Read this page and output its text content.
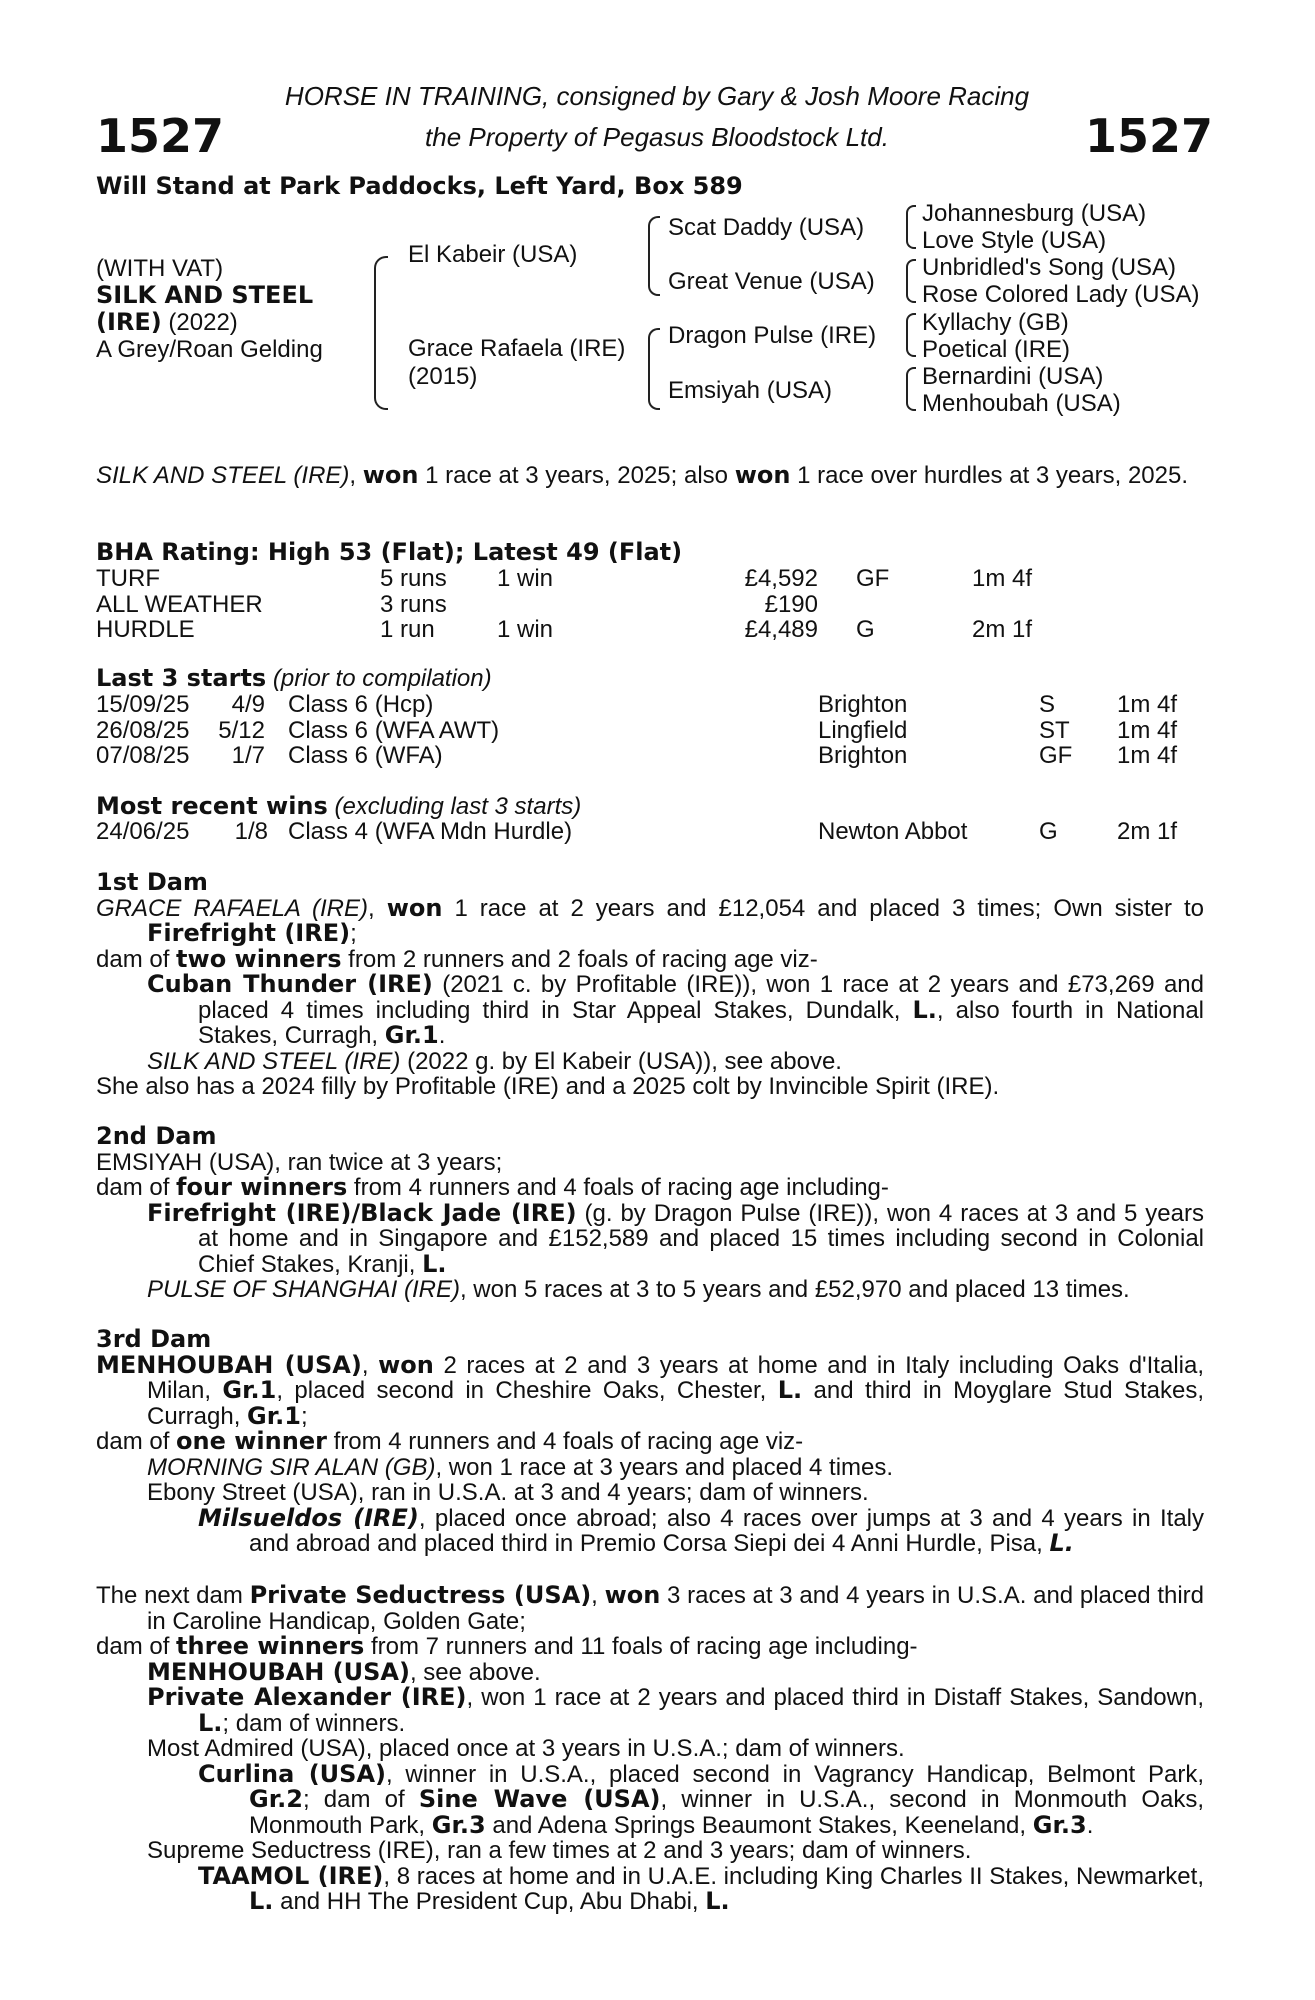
1527	1527
HORSE IN TRAINING, consigned by Gary & Josh Moore Racing
the Property of Pegasus Bloodstock Ltd.
Will Stand at Park Paddocks, Left Yard, Box 589
(WITH VAT)
SILK AND STEEL
(IRE) (2022)
A Grey/Roan Gelding
El Kabeir (USA)
Grace Rafaela (IRE)
(2015)
Scat Daddy (USA)
Great Venue (USA)
Dragon Pulse (IRE)
Emsiyah (USA)
Johannesburg (USA)
Love Style (USA)
Unbridled's Song (USA)
Rose Colored Lady (USA)
Kyllachy (GB)
Poetical (IRE)
Bernardini (USA)
Menhoubah (USA)

SILK AND STEEL (IRE), won 1 race at 3 years, 2025; also won 1 race over hurdles at 3 years, 2025.

BHA Rating: High 53 (Flat); Latest 49 (Flat)
TURF	5 runs 1 win	£4,592 GF	1m 4f
ALL WEATHER	3 runs	£190
HURDLE	1 run	1 win	£4,489 G	2m 1f
Last 3 starts (prior to compilation)
15/09/25	4/9 Class 6 (Hcp)	Brighton	S	1m 4f
26/08/25	5/12 Class 6 (WFA AWT)	Lingfield	ST 1m 4f
07/08/25	1/7 Class 6 (WFA)	Brighton	GF 1m 4f
Most recent wins (excluding last 3 starts)
24/06/25	1/8 Class 4 (WFA Mdn Hurdle)	Newton Abbot	G 2m 1f

1st Dam

GRACE RAFAELA (IRE), won 1 race at 2 years and £12,054 and placed 3 times; Own sister to Firefright (IRE);

dam of two winners from 2 runners and 2 foals of racing age viz-

Cuban Thunder (IRE) (2021 c. by Profitable (IRE)), won 1 race at 2 years and £73,269 and placed 4 times including third in Star Appeal Stakes, Dundalk, L., also fourth in National Stakes, Curragh, Gr.1.

SILK AND STEEL (IRE) (2022 g. by El Kabeir (USA)), see above.

She also has a 2024 filly by Profitable (IRE) and a 2025 colt by Invincible Spirit (IRE).

2nd Dam

EMSIYAH (USA), ran twice at 3 years;

dam of four winners from 4 runners and 4 foals of racing age including-

Firefright (IRE)/Black Jade (IRE) (g. by Dragon Pulse (IRE)), won 4 races at 3 and 5 years at home and in Singapore and £152,589 and placed 15 times including second in Colonial Chief Stakes, Kranji, L.

PULSE OF SHANGHAI (IRE), won 5 races at 3 to 5 years and £52,970 and placed 13 times.

3rd Dam

MENHOUBAH (USA), won 2 races at 2 and 3 years at home and in Italy including Oaks d'Italia, Milan, Gr.1, placed second in Cheshire Oaks, Chester, L. and third in Moyglare Stud Stakes, Curragh, Gr.1;

dam of one winner from 4 runners and 4 foals of racing age viz-

MORNING SIR ALAN (GB), won 1 race at 3 years and placed 4 times.

Ebony Street (USA), ran in U.S.A. at 3 and 4 years; dam of winners.

Milsueldos (IRE), placed once abroad; also 4 races over jumps at 3 and 4 years in Italy and abroad and placed third in Premio Corsa Siepi dei 4 Anni Hurdle, Pisa, L.

The next dam Private Seductress (USA), won 3 races at 3 and 4 years in U.S.A. and placed third in Caroline Handicap, Golden Gate;

dam of three winners from 7 runners and 11 foals of racing age including-

MENHOUBAH (USA), see above.

Private Alexander (IRE), won 1 race at 2 years and placed third in Distaff Stakes, Sandown, L.; dam of winners.

Most Admired (USA), placed once at 3 years in U.S.A.; dam of winners.

Curlina (USA), winner in U.S.A., placed second in Vagrancy Handicap, Belmont Park, Gr.2; dam of Sine Wave (USA), winner in U.S.A., second in Monmouth Oaks, Monmouth Park, Gr.3 and Adena Springs Beaumont Stakes, Keeneland, Gr.3.

Supreme Seductress (IRE), ran a few times at 2 and 3 years; dam of winners.

TAAMOL (IRE), 8 races at home and in U.A.E. including King Charles II Stakes, Newmarket, L. and HH The President Cup, Abu Dhabi, L.
